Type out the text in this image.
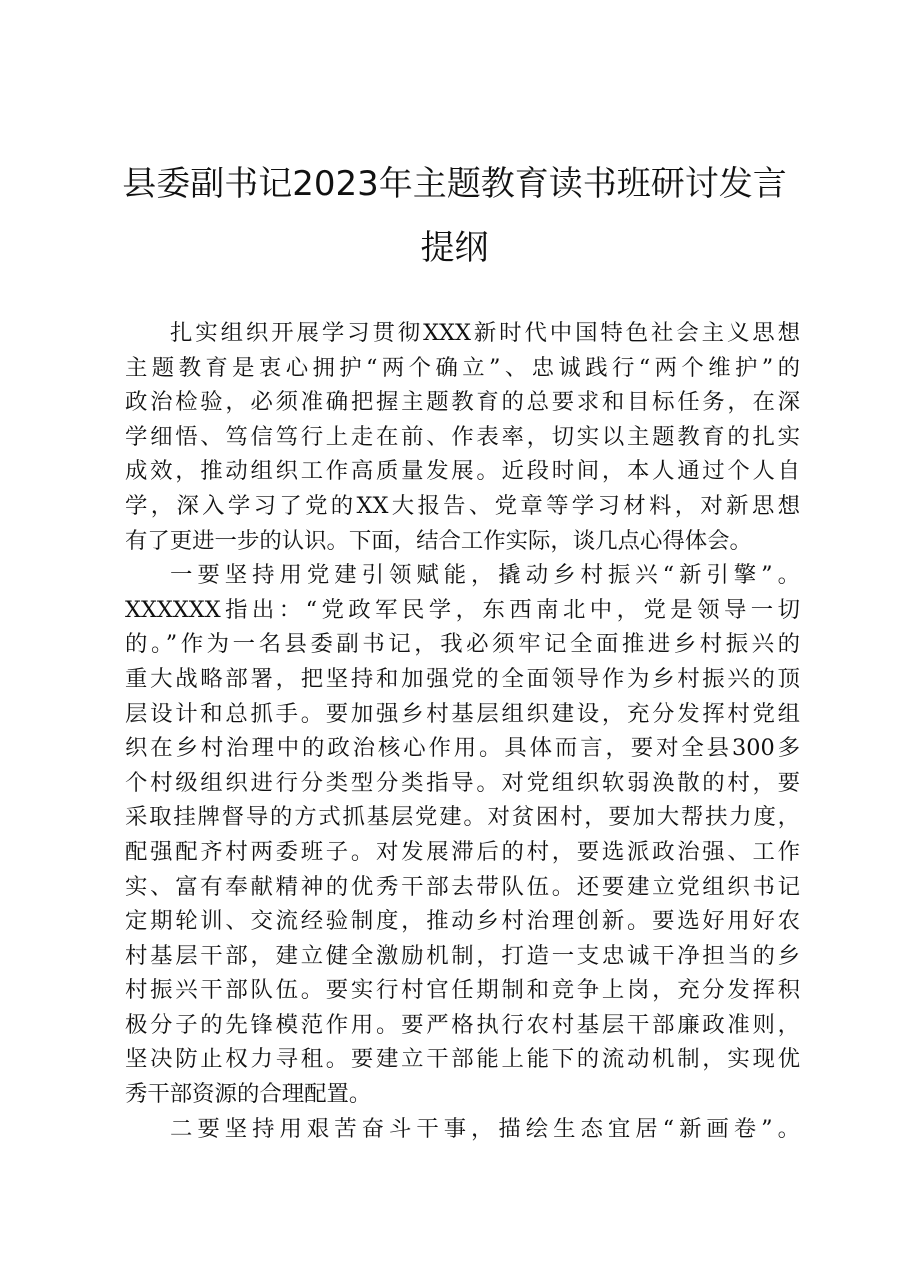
县委副书记2023年主题教育读书班研讨发言
提纲
扎实组织开展学习贯彻XXX新时代中国特色社会主义思想
主题教育是衷心拥护“两个确立”、忠诚践行“两个维护”的
政治检验，必须准确把握主题教育的总要求和目标任务，在深
学细悟、笃信笃行上走在前、作表率，切实以主题教育的扎实
成效，推动组织工作高质量发展。近段时间，本人通过个人自
学，深入学习了党的XX大报告、党章等学习材料，对新思想
有了更进一步的认识。下面，结合工作实际，谈几点心得体会。
一要坚持用党建引领赋能，撬动乡村振兴“新引擎”。
XXXXXX指出：“党政军民学，东西南北中，党是领导一切
的。”作为一名县委副书记，我必须牢记全面推进乡村振兴的
重大战略部署，把坚持和加强党的全面领导作为乡村振兴的顶
层设计和总抓手。要加强乡村基层组织建设，充分发挥村党组
织在乡村治理中的政治核心作用。具体而言，要对全县300多
个村级组织进行分类型分类指导。对党组织软弱涣散的村，要
采取挂牌督导的方式抓基层党建。对贫困村，要加大帮扶力度，
配强配齐村两委班子。对发展滞后的村，要选派政治强、工作
实、富有奉献精神的优秀干部去带队伍。还要建立党组织书记
定期轮训、交流经验制度，推动乡村治理创新。要选好用好农
村基层干部，建立健全激励机制，打造一支忠诚干净担当的乡
村振兴干部队伍。要实行村官任期制和竞争上岗，充分发挥积
极分子的先锋模范作用。要严格执行农村基层干部廉政准则，
坚决防止权力寻租。要建立干部能上能下的流动机制，实现优
秀干部资源的合理配置。
二要坚持用艰苦奋斗干事，描绘生态宜居“新画卷”。
